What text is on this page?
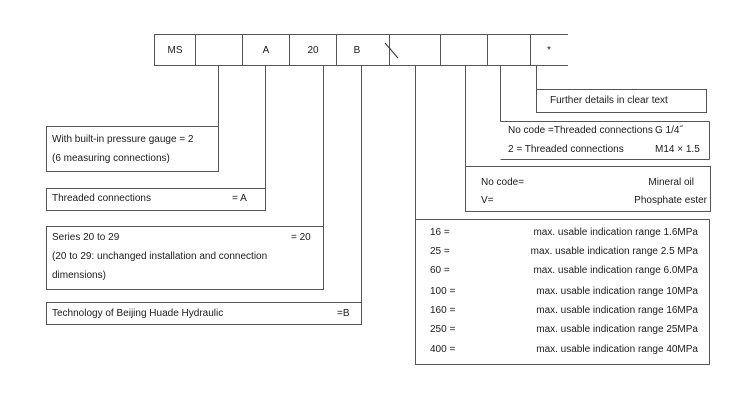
MS	A	20	B	*
Further details in clear text
No code =Threaded connections G 1/4˝
2 = Threaded connections	M14 × 1.5
No code=	Mineral oil
V=	Phosphate ester
16 =	max. usable indication range 1.6MPa
25 =	max. usable indication range 2.5 MPa
60 =	max. usable indication range 6.0MPa
100 =	max. usable indication range 10MPa
160 =	max. usable indication range 16MPa
250 =	max. usable indication range 25MPa
400 =	max. usable indication range 40MPa
With built-in pressure gauge = 2
(6 measuring connections)
Threaded connections	= A
Series 20 to 29	= 20
(20 to 29: unchanged installation and connection
dimensions)
Technology of Beijing Huade Hydraulic	=B
